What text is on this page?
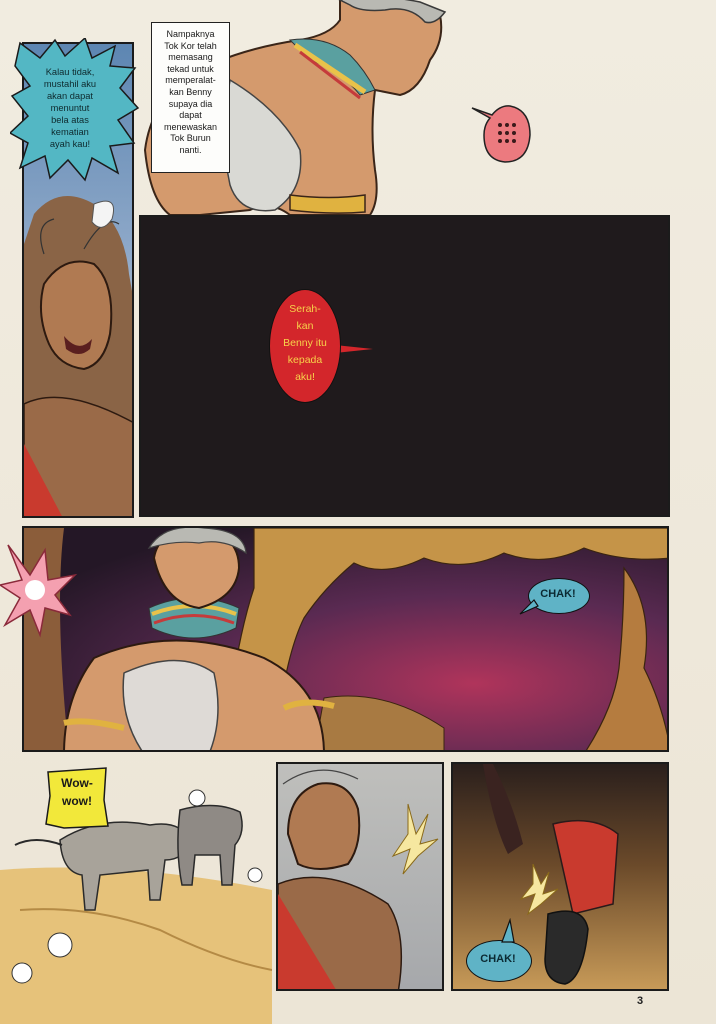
Nampaknya
Tok Kor telah
memasang
tekad untuk
memperalat-
kan Benny
supaya dia
dapat
menewaskan
Tok Burun
nanti.
Kalau tidak,
mustahil aku
akan dapat
menuntut
bela atas
kematian
ayah kau!
Serah-
kan
Benny itu
kepada
aku!
CHAK!
Wow-
wow!
CHAK!
3
